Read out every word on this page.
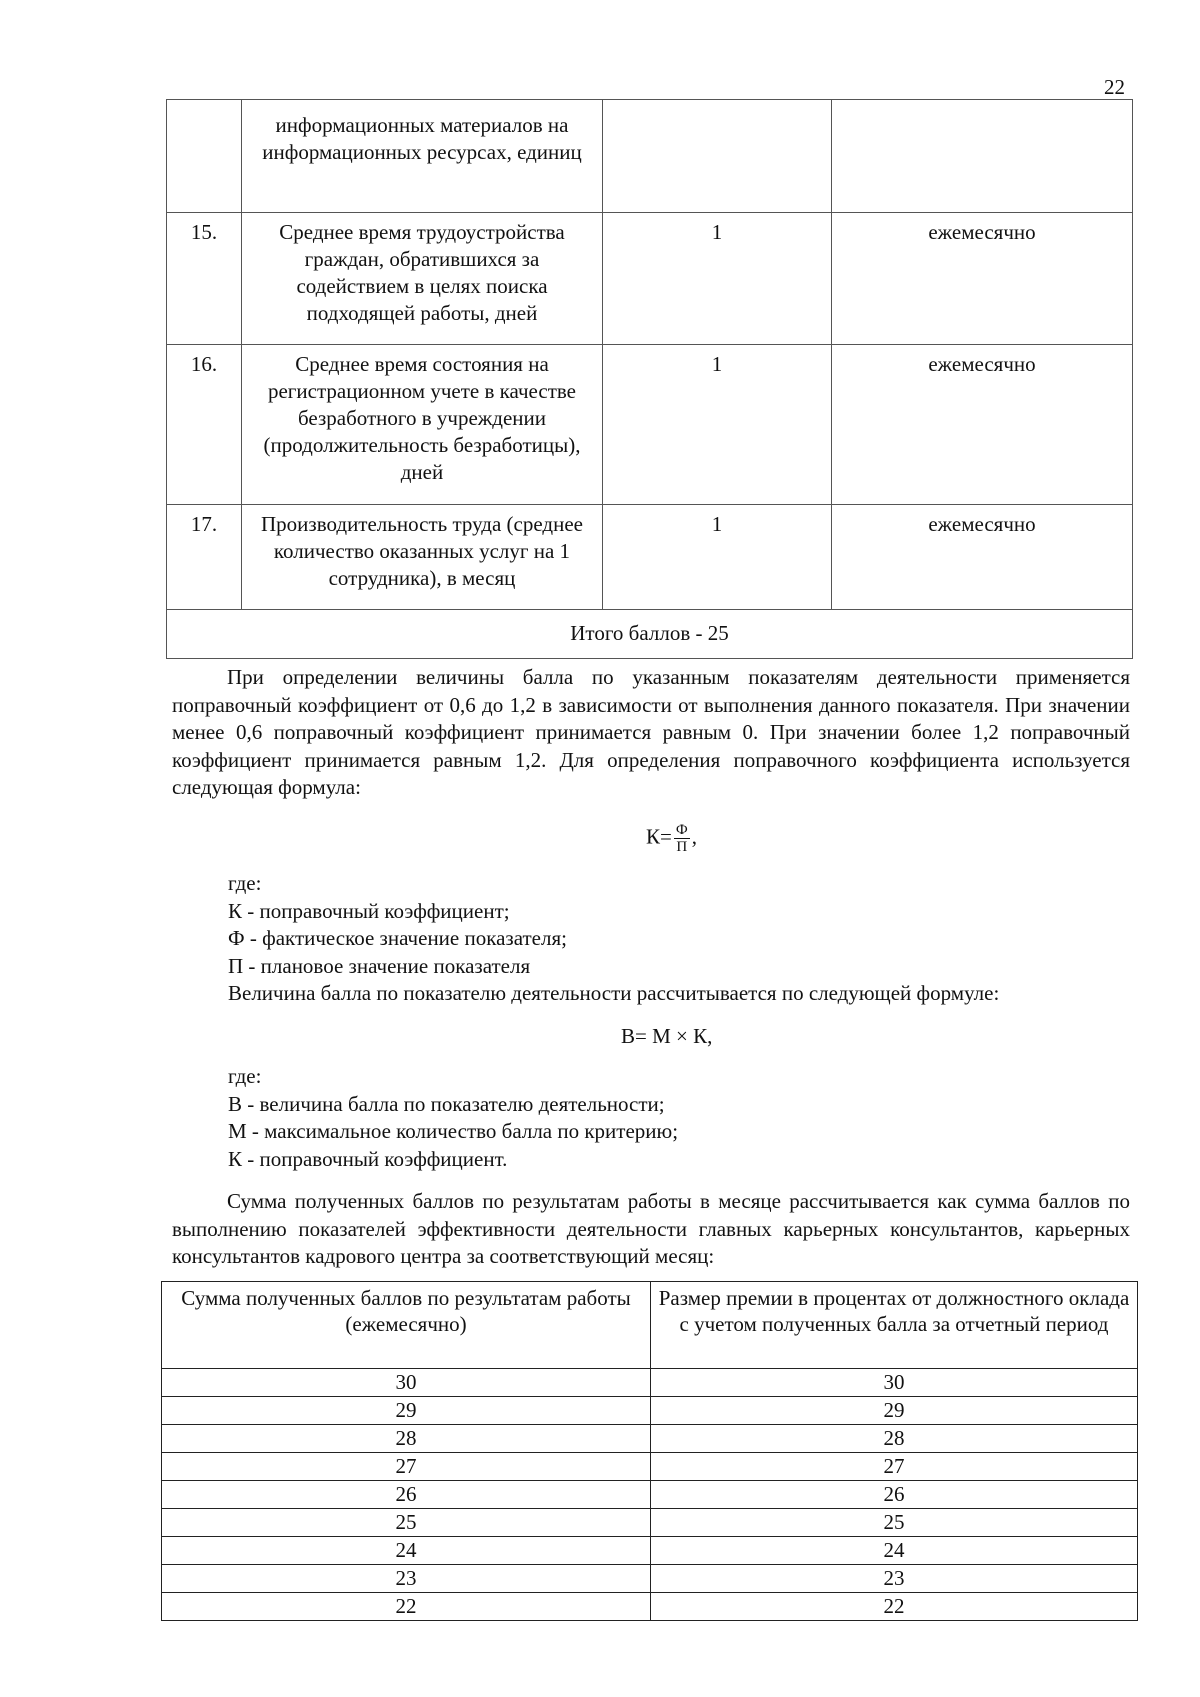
22
	информационных материалов на информационных ресурсах, единиц		
15.	Среднее время трудоустройства граждан, обратившихся за содействием в целях поиска подходящей работы, дней	1	ежемесячно
16.	Среднее время состояния на регистрационном учете в качестве безработного в учреждении (продолжительность безработицы), дней	1	ежемесячно
17.	Производительность труда (среднее количество оказанных услуг на 1 сотрудника), в месяц	1	ежемесячно
Итого баллов - 25			

При определении величины балла по указанным показателям деятельности применяется поправочный коэффициент от 0,6 до 1,2 в зависимости от выполнения данного показателя. При значении менее 0,6 поправочный коэффициент принимается равным 0. При значении более 1,2 поправочный коэффициент принимается равным 1,2. Для определения поправочного коэффициента используется следующая формула:

$К= \frac{Ф}{П}$ ,
где:
К - поправочный коэффициент;
Ф - фактическое значение показателя;
П - плановое значение показателя
Величина балла по показателю деятельности рассчитывается по следующей формуле:
В= М × К,
где:
В - величина балла по показателю деятельности;
М - максимальное количество балла по критерию;
К - поправочный коэффициент.

Сумма полученных баллов по результатам работы в месяце рассчитывается как сумма баллов по выполнению показателей эффективности деятельности главных карьерных консультантов, карьерных консультантов кадрового центра за соответствующий месяц:

Сумма полученных баллов по результатам работы (ежемесячно)	Размер премии в процентах от должностного оклада с учетом полученных балла за отчетный период
30	30
29	29
28	28
27	27
26	26
25	25
24	24
23	23
22	22
